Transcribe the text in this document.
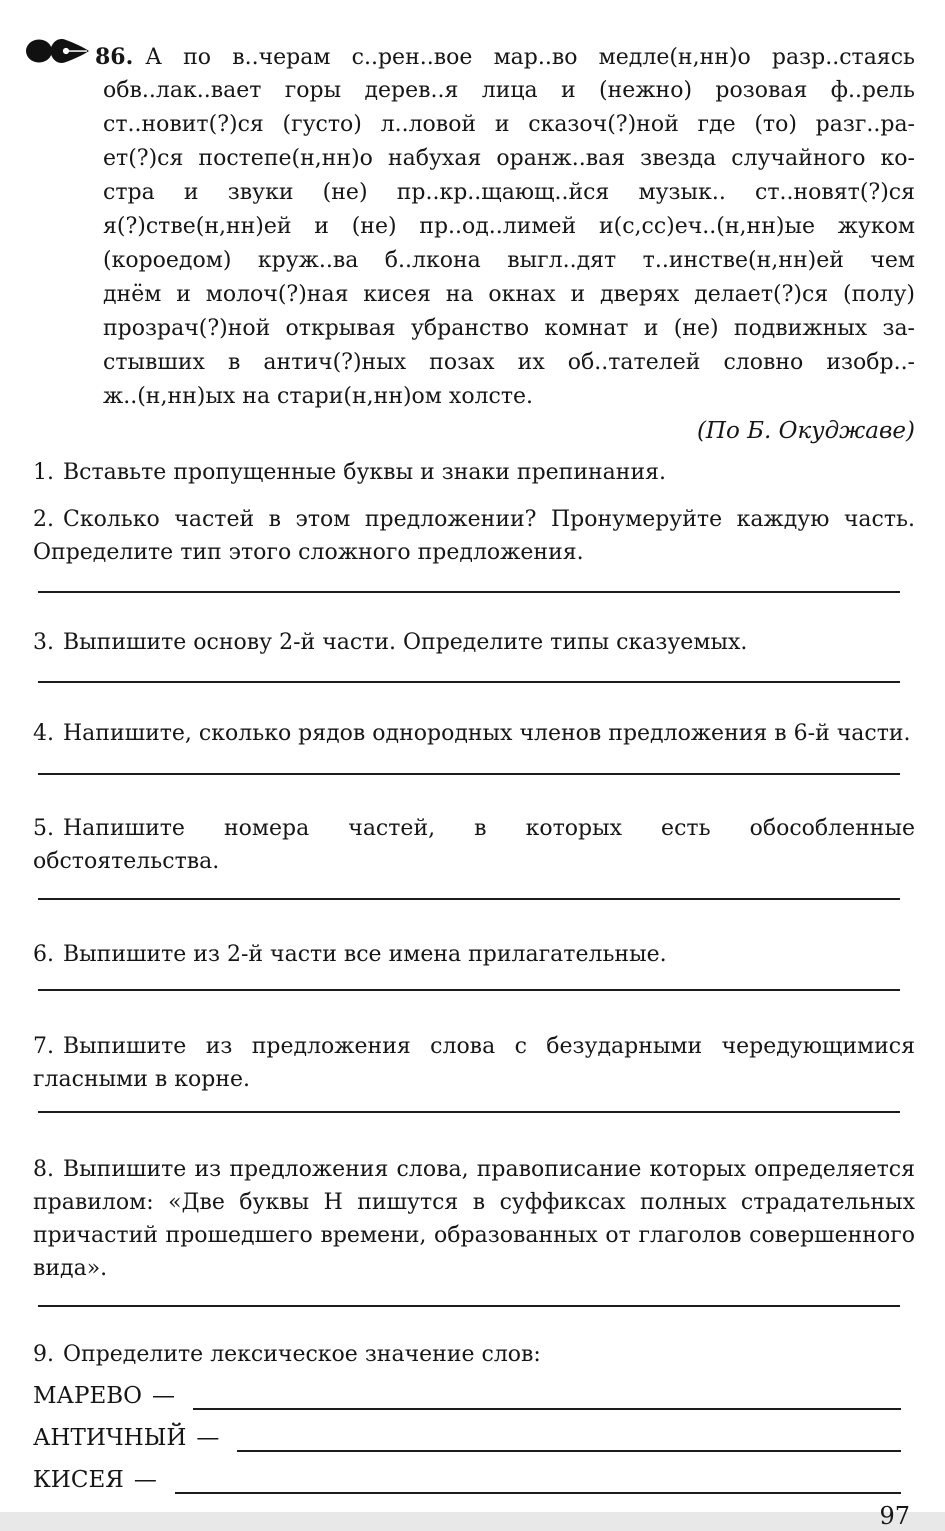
86. А по в..черам с..рен..вое мар..во медле(н,нн)о разр..стаясь
обв..лак..вает горы дерев..я лица и (нежно) розовая ф..рель
ст..новит(?)ся (густо) л..ловой и сказоч(?)ной где (то) разг..ра-
ет(?)ся постепе(н,нн)о набухая оранж..вая звезда случайного ко-
стра и звуки (не) пр..кр..щающ..йся музык.. ст..новят(?)ся
я(?)стве(н,нн)ей и (не) пр..од..лимей и(с,сс)еч..(н,нн)ые жуком
(короедом) круж..ва б..лкона выгл..дят т..инстве(н,нн)ей чем
днём и молоч(?)ная кисея на окнах и дверях делает(?)ся (полу)
прозрач(?)ной открывая убранство комнат и (не) подвижных за-
стывших в антич(?)ных позах их об..тателей словно изобр..-
ж..(н,нн)ых на стари(н,нн)ом холсте.
(По Б. Окуджаве)
1. Вставьте пропущенные буквы и знаки препинания.
2. Сколько частей в этом предложении? Пронумеруйте каждую часть. Определите тип этого сложного предложения.
3. Выпишите основу 2-й части. Определите типы сказуемых.
4. Напишите, сколько рядов однородных членов предложения в 6-й части.
5. Напишите номера частей, в которых есть обособленные обстоятельства.
6. Выпишите из 2-й части все имена прилагательные.
7. Выпишите из предложения слова с безударными чередующимися гласными в корне.
8. Выпишите из предложения слова, правописание которых определяется правилом: «Две буквы Н пишутся в суффиксах полных страдательных причастий прошедшего времени, образованных от глаголов совершенного вида».
9. Определите лексическое значение слов:
МАРЕВО —
АНТИЧНЫЙ —
КИСЕЯ —
97
